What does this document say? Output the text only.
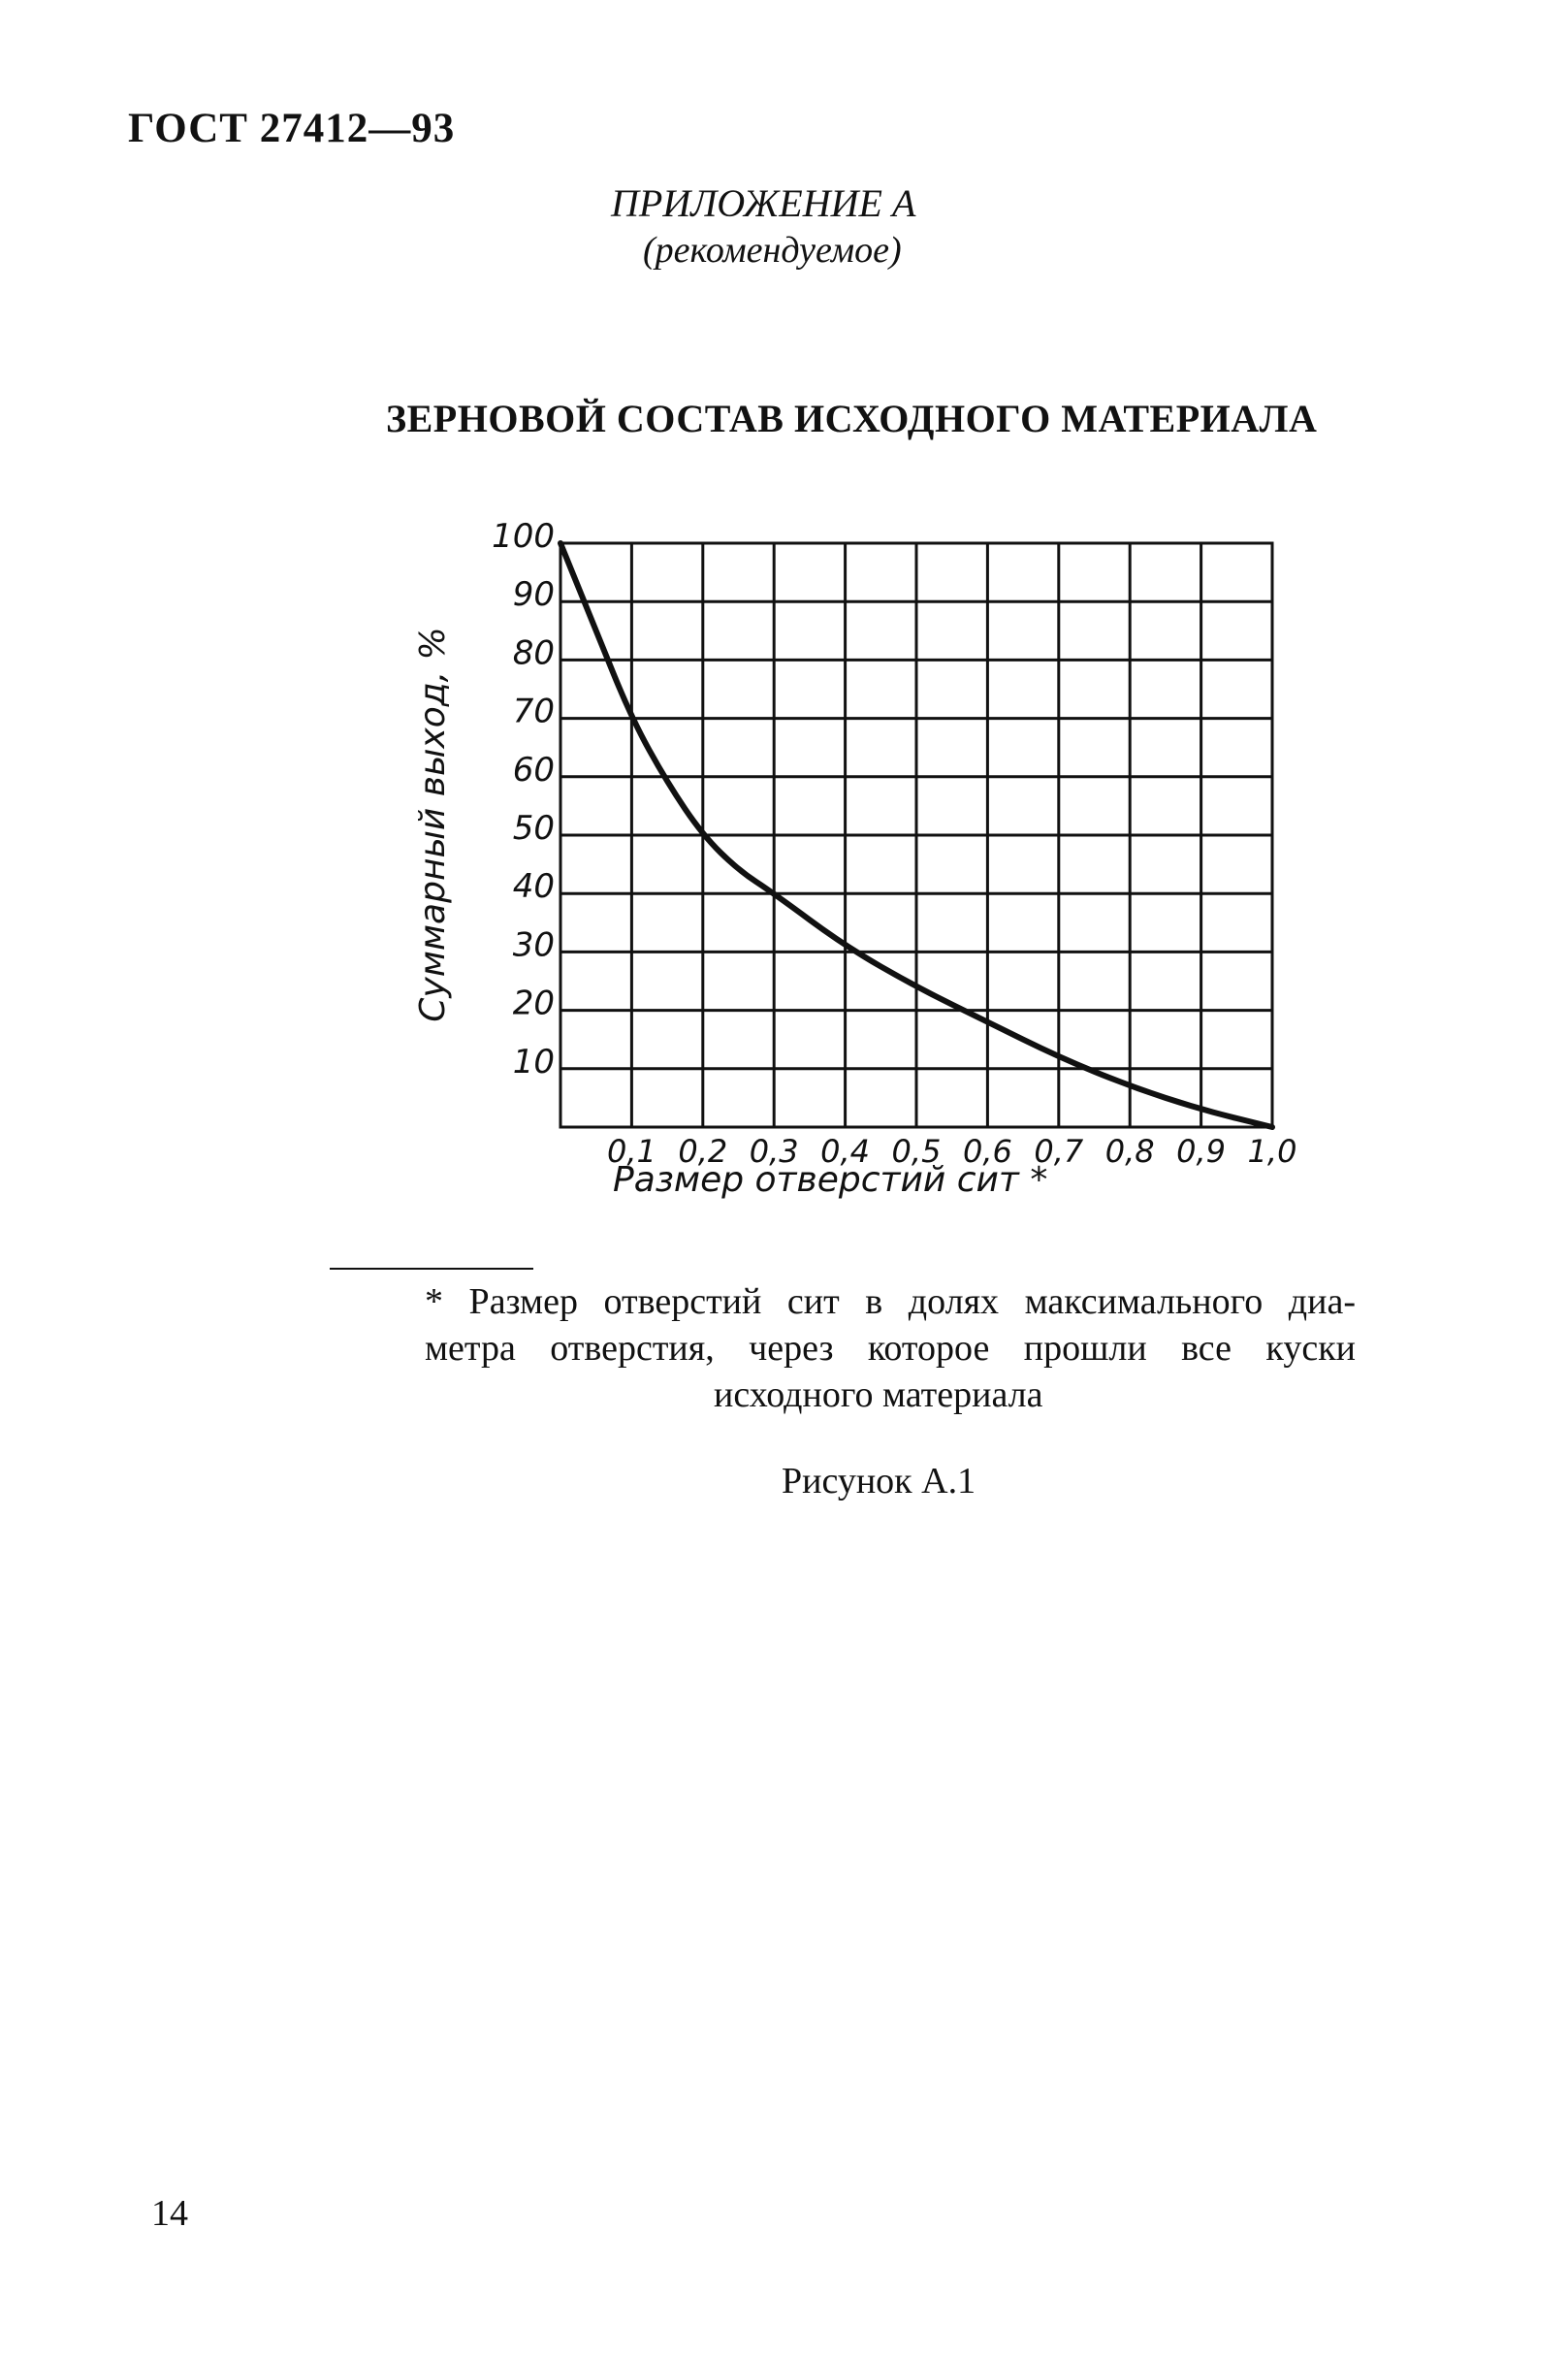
ГОСТ 27412—93
ПРИЛОЖЕНИЕ А
(рекомендуемое)
ЗЕРНОВОЙ СОСТАВ ИСХОДНОГО МАТЕРИАЛА
10
20
30
40
50
60
70
80
90
100
0,1 0,2 0,3 0,4 0,5 0,6 0,7 0,8 0,9 1,0
Суммарный выход, %
Размер отверстий сит *
* Размер отверстий сит в долях максимального диа-
метра отверстия, через которое прошли все куски
исходного материала
Рисунок А.1
14
